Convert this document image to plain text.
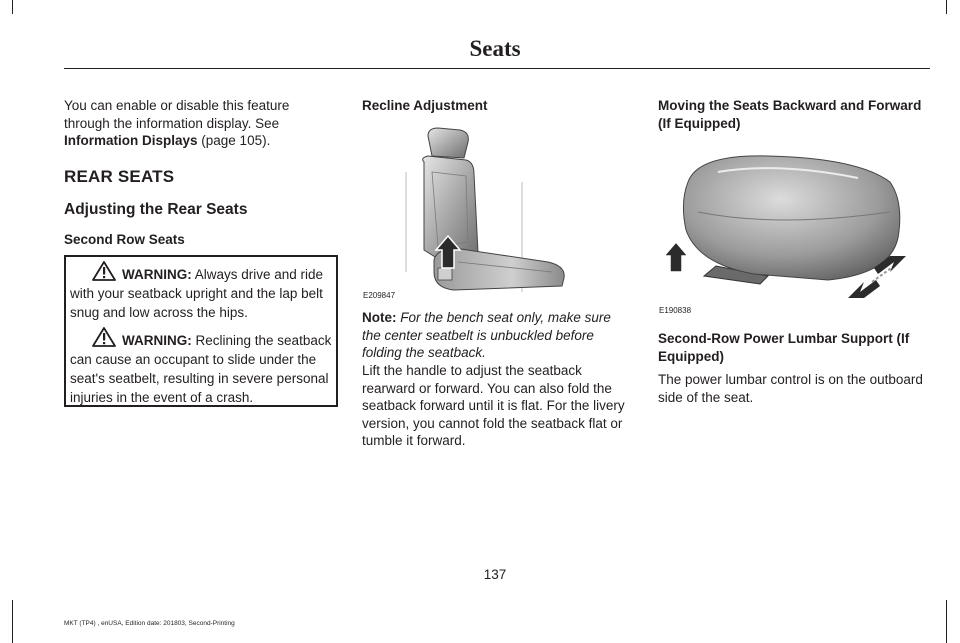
Seats

You can enable or disable this feature through the information display. See Information Displays (page 105).

REAR SEATS
Adjusting the Rear Seats
Second Row Seats

WARNING: Always drive and ride with your seatback upright and the lap belt snug and low across the hips.

WARNING: Reclining the seatback can cause an occupant to slide under the seat's seatbelt, resulting in severe personal injuries in the event of a crash.

Recline Adjustment
E209847

Note: For the bench seat only, make sure the center seatbelt is unbuckled before folding the seatback.

Lift the handle to adjust the seatback rearward or forward. You can also fold the seatback forward until it is flat. For the livery version, you cannot fold the seatback flat or tumble it forward.

Moving the Seats Backward and Forward (If Equipped)
E190838
Second-Row Power Lumbar Support (If Equipped)

The power lumbar control is on the outboard side of the seat.

137
MKT (TP4) , enUSA, Edition date: 201803, Second-Printing
